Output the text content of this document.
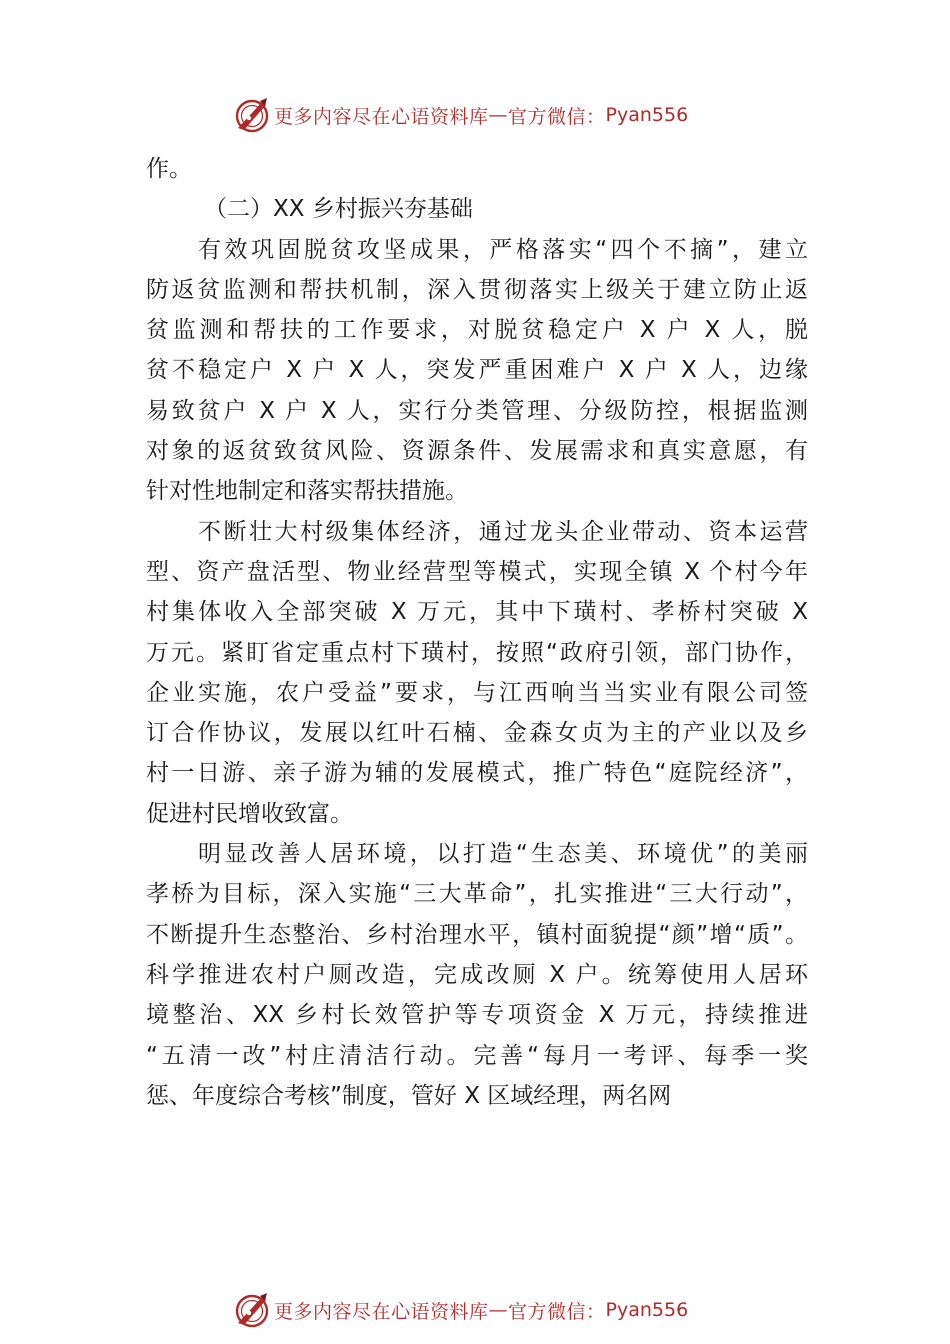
更多内容尽在心语资料库 — 官方微信： Pyan556
作。
（二）XX 乡村振兴夯基础
有效巩固脱贫攻坚成果，严格落实“四个不摘”，建立
防返贫监测和帮扶机制，深入贯彻落实上级关于建立防止返
贫监测和帮扶的工作要求，对脱贫稳定户 X 户 X 人，脱
贫不稳定户 X 户 X 人，突发严重困难户 X 户 X 人，边缘
易致贫户 X 户 X 人，实行分类管理、分级防控，根据监测
对象的返贫致贫风险、资源条件、发展需求和真实意愿，有
针对性地制定和落实帮扶措施。
不断壮大村级集体经济，通过龙头企业带动、资本运营
型、资产盘活型、物业经营型等模式，实现全镇 X 个村今年
村集体收入全部突破 X 万元，其中下璜村、孝桥村突破 X
万元。紧盯省定重点村下璜村，按照“政府引领，部门协作，
企业实施，农户受益”要求，与江西响当当实业有限公司签
订合作协议，发展以红叶石楠、金森女贞为主的产业以及乡
村一日游、亲子游为辅的发展模式，推广特色“庭院经济”，
促进村民增收致富。
明显改善人居环境，以打造“生态美、环境优”的美丽
孝桥为目标，深入实施“三大革命”，扎实推进“三大行动”，
不断提升生态整治、乡村治理水平，镇村面貌提“颜”增“质”。
科学推进农村户厕改造，完成改厕 X 户。统筹使用人居环
境整治、XX 乡村长效管护等专项资金 X 万元，持续推进
“五清一改”村庄清洁行动。完善“每月一考评、每季一奖
惩、年度综合考核”制度，管好 X 区域经理，两名网
更多内容尽在心语资料库 — 官方微信： Pyan556
